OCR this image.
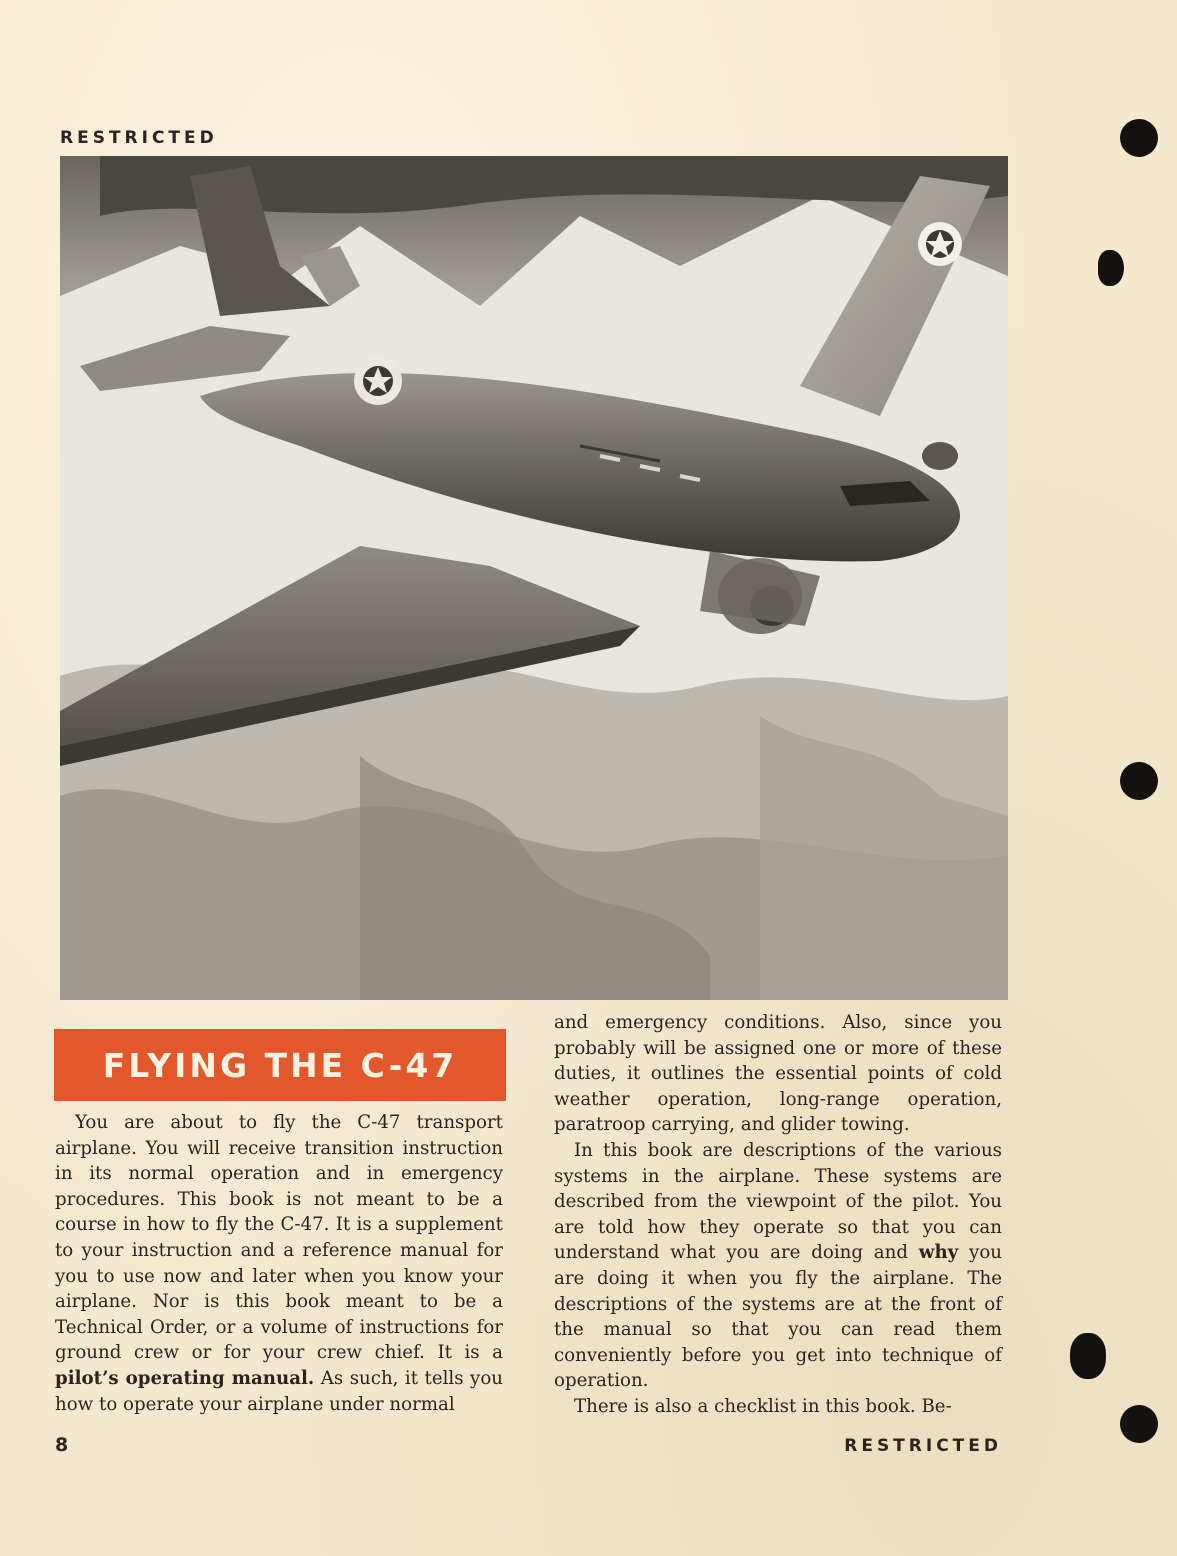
RESTRICTED
FLYING THE C-47

You are about to fly the C-47 transport airplane. You will receive transition instruction in its normal operation and in emergency procedures. This book is not meant to be a course in how to fly the C-47. It is a supplement to your instruction and a reference manual for you to use now and later when you know your airplane. Nor is this book meant to be a Technical Order, or a volume of instructions for ground crew or for your crew chief. It is a pilot’s operating manual. As such, it tells you how to operate your airplane under normal

and emergency conditions. Also, since you probably will be assigned one or more of these duties, it outlines the essential points of cold weather operation, long-range operation, paratroop carrying, and glider towing.

In this book are descriptions of the various systems in the airplane. These systems are described from the viewpoint of the pilot. You are told how they operate so that you can understand what you are doing and why you are doing it when you fly the airplane. The descriptions of the systems are at the front of the manual so that you can read them conveniently before you get into technique of operation.

There is also a checklist in this book. Be-

8	RESTRICTED
